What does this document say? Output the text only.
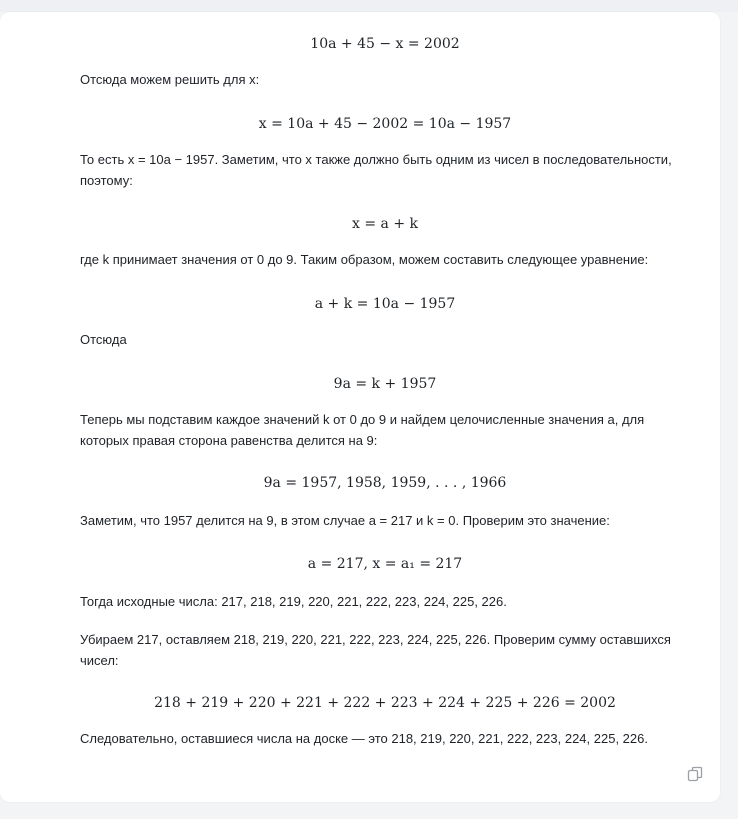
10a + 45 − x = 2002
Отсюда можем решить для x:
x = 10a + 45 − 2002 = 10a − 1957
То есть x = 10a − 1957. Заметим, что x также должно быть одним из чисел в последовательности, поэтому:
x = a + k
где k принимает значения от 0 до 9. Таким образом, можем составить следующее уравнение:
a + k = 10a − 1957
Отсюда
9a = k + 1957
Теперь мы подставим каждое значений k от 0 до 9 и найдем целочисленные значения a, для которых правая сторона равенства делится на 9:
9a = 1957, 1958, 1959, . . . , 1966
Заметим, что 1957 делится на 9, в этом случае a = 217 и k = 0. Проверим это значение:
a = 217, x = a₁ = 217
Тогда исходные числа: 217, 218, 219, 220, 221, 222, 223, 224, 225, 226.
Убираем 217, оставляем 218, 219, 220, 221, 222, 223, 224, 225, 226. Проверим сумму оставшихся чисел:
218 + 219 + 220 + 221 + 222 + 223 + 224 + 225 + 226 = 2002
Следовательно, оставшиеся числа на доске — это 218, 219, 220, 221, 222, 223, 224, 225, 226.
